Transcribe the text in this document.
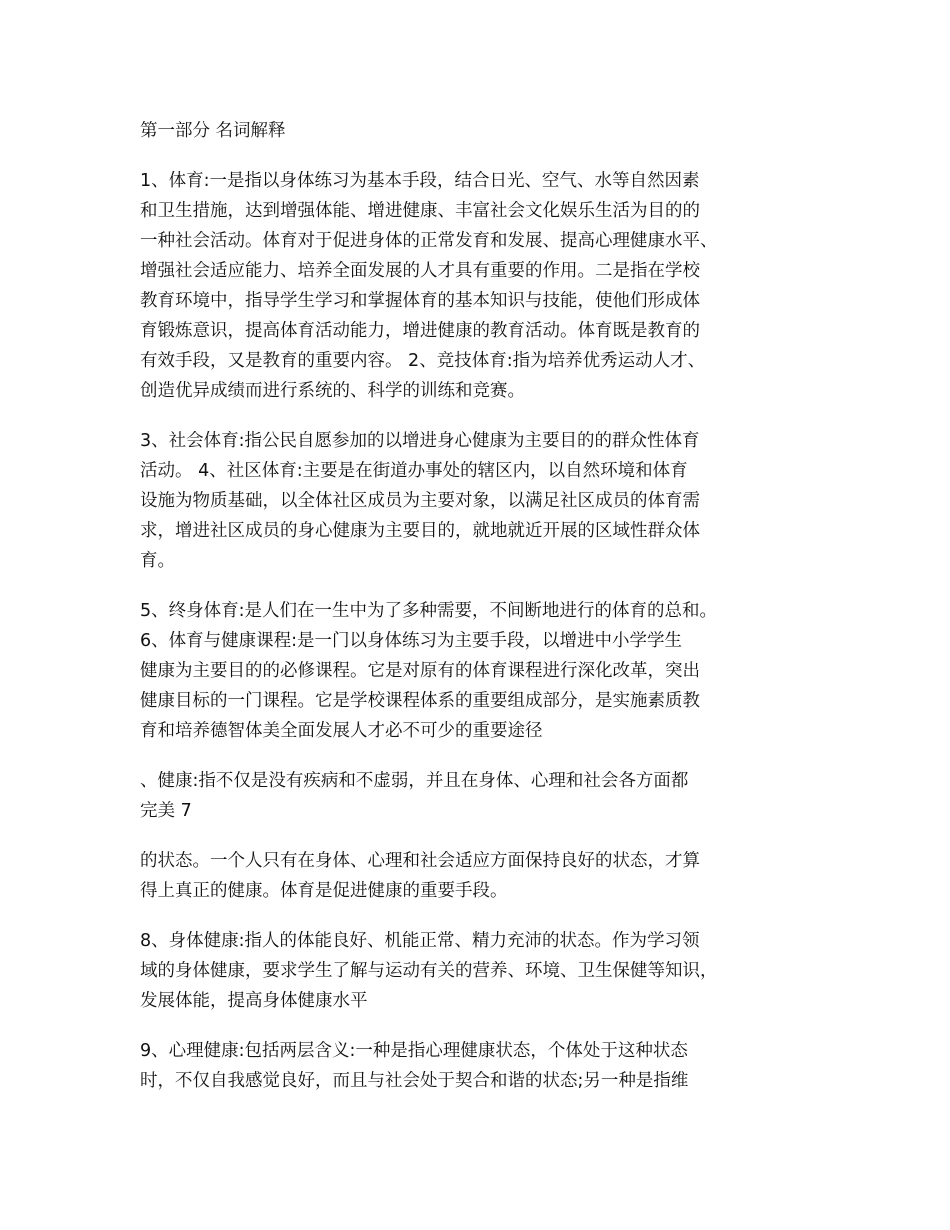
第一部分 名词解释
1、体育:一是指以身体练习为基本手段，结合日光、空气、水等自然因素
和卫生措施，达到增强体能、增进健康、丰富社会文化娱乐生活为目的的
一种社会活动。体育对于促进身体的正常发育和发展、提高心理健康水平、
增强社会适应能力、培养全面发展的人才具有重要的作用。二是指在学校
教育环境中，指导学生学习和掌握体育的基本知识与技能，使他们形成体
育锻炼意识，提高体育活动能力，增进健康的教育活动。体育既是教育的
有效手段，又是教育的重要内容。 2、竞技体育:指为培养优秀运动人才、
创造优异成绩而进行系统的、科学的训练和竞赛。
3、社会体育:指公民自愿参加的以增进身心健康为主要目的的群众性体育
活动。 4、社区体育:主要是在街道办事处的辖区内，以自然环境和体育
设施为物质基础，以全体社区成员为主要对象，以满足社区成员的体育需
求，增进社区成员的身心健康为主要目的，就地就近开展的区域性群众体
育。
5、终身体育:是人们在一生中为了多种需要，不间断地进行的体育的总和。
6、体育与健康课程:是一门以身体练习为主要手段，以增进中小学学生
健康为主要目的的必修课程。它是对原有的体育课程进行深化改革，突出
健康目标的一门课程。它是学校课程体系的重要组成部分，是实施素质教
育和培养德智体美全面发展人才必不可少的重要途径
、健康:指不仅是没有疾病和不虚弱，并且在身体、心理和社会各方面都
完美 7
的状态。一个人只有在身体、心理和社会适应方面保持良好的状态，才算
得上真正的健康。体育是促进健康的重要手段。
8、身体健康:指人的体能良好、机能正常、精力充沛的状态。作为学习领
域的身体健康，要求学生了解与运动有关的营养、环境、卫生保健等知识，
发展体能，提高身体健康水平
9、心理健康:包括两层含义:一种是指心理健康状态，个体处于这种状态
时，不仅自我感觉良好，而且与社会处于契合和谐的状态;另一种是指维
